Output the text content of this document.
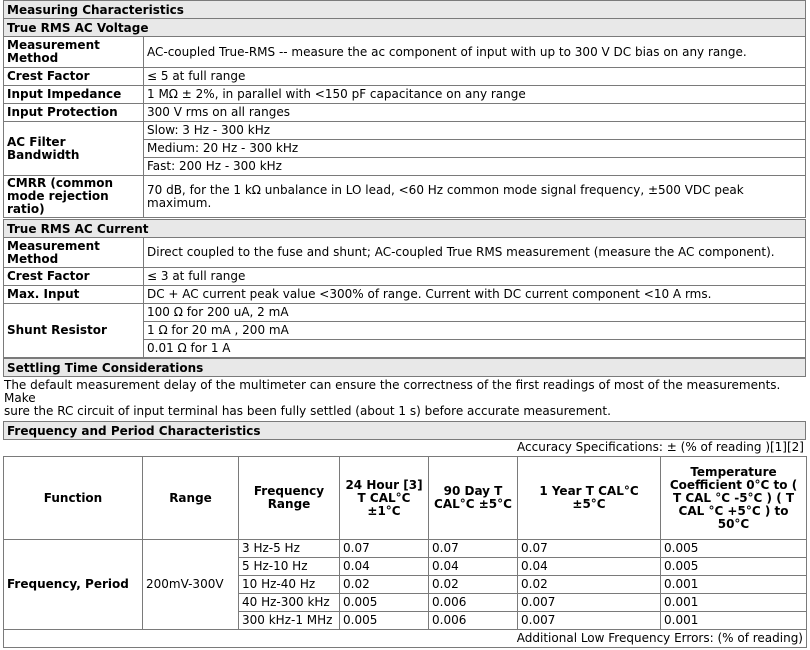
Measuring Characteristics
True RMS AC Voltage
Measurement Method	AC-coupled True-RMS -- measure the ac component of input with up to 300 V DC bias on any range.
Crest Factor	≤ 5 at full range
Input Impedance	1 MΩ ± 2%, in parallel with <150 pF capacitance on any range
Input Protection	300 V rms on all ranges
AC Filter Bandwidth	Slow: 3 Hz - 300 kHz
	Medium: 20 Hz - 300 kHz
	Fast: 200 Hz - 300 kHz
CMRR (common mode rejection ratio)	70 dB, for the 1 kΩ unbalance in LO lead, <60 Hz common mode signal frequency, ±500 VDC peak maximum.
True RMS AC Current
Measurement Method	Direct coupled to the fuse and shunt; AC-coupled True RMS measurement (measure the AC component).
Crest Factor	≤ 3 at full range
Max. Input	DC + AC current peak value <300% of range. Current with DC current component <10 A rms.
Shunt Resistor	100 Ω for 200 uA, 2 mA
	1 Ω for 20 mA , 200 mA
	0.01 Ω for 1 A
Settling Time Considerations
The default measurement delay of the multimeter can ensure the correctness of the first readings of most of the measurements. Make
sure the RC circuit of input terminal has been fully settled (about 1 s) before accurate measurement.
Frequency and Period Characteristics
Accuracy Specifications: ± (% of reading )[1][2]
Function	Range	Frequency Range	24 Hour [3] T CAL°C ±1°C	90 Day T CAL°C ±5°C	1 Year T CAL°C ±5°C	Temperature Coefficient 0°C to ( T CAL °C -5°C ) ( T CAL °C +5°C ) to 50°C
Frequency, Period	200mV-300V	3 Hz-5 Hz	0.07	0.07	0.07	0.005
		5 Hz-10 Hz	0.04	0.04	0.04	0.005
		10 Hz-40 Hz	0.02	0.02	0.02	0.001
		40 Hz-300 kHz	0.005	0.006	0.007	0.001
		300 kHz-1 MHz	0.005	0.006	0.007	0.001
Additional Low Frequency Errors: (% of reading)						
